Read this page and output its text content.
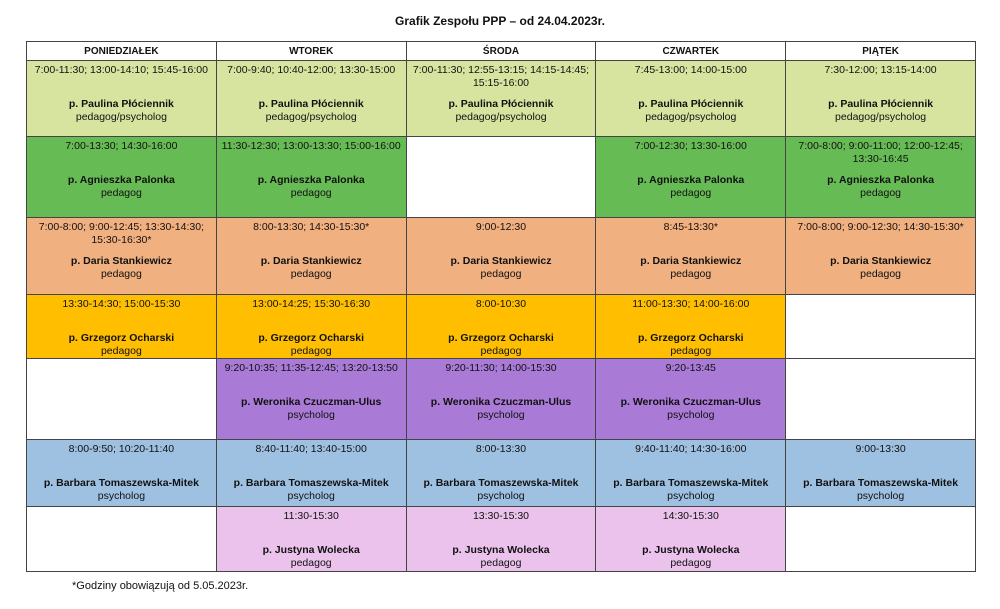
Grafik Zespołu PPP – od 24.04.2023r.
PONIEDZIAŁEK	WTOREK	ŚRODA	CZWARTEK	PIĄTEK

7:00-11:30; 13:00-14:10; 15:45-16:00
p. Paulina Płóciennik
pedagog/psycholog	7:00-9:40; 10:40-12:00; 13:30-15:00
p. Paulina Płóciennik
pedagog/psycholog	7:00-11:30; 12:55-13:15; 14:15-14:45; 15:15-16:00
p. Paulina Płóciennik
pedagog/psycholog	7:45-13:00; 14:00-15:00
p. Paulina Płóciennik
pedagog/psycholog	7:30-12:00; 13:15-14:00
p. Paulina Płóciennik
pedagog/psycholog

7:00-13:30; 14:30-16:00
p. Agnieszka Palonka
pedagog	11:30-12:30; 13:00-13:30; 15:00-16:00
p. Agnieszka Palonka
pedagog		7:00-12:30; 13:30-16:00
p. Agnieszka Palonka
pedagog	7:00-8:00; 9:00-11:00; 12:00-12:45; 13:30-16:45
p. Agnieszka Palonka
pedagog

7:00-8:00; 9:00-12:45; 13:30-14:30; 15:30-16:30*
p. Daria Stankiewicz
pedagog	8:00-13:30; 14:30-15:30*
p. Daria Stankiewicz
pedagog	9:00-12:30
p. Daria Stankiewicz
pedagog	8:45-13:30*
p. Daria Stankiewicz
pedagog	7:00-8:00; 9:00-12:30; 14:30-15:30*
p. Daria Stankiewicz
pedagog

13:30-14:30; 15:00-15:30
p. Grzegorz Ocharski
pedagog	13:00-14:25; 15:30-16:30
p. Grzegorz Ocharski
pedagog	8:00-10:30
p. Grzegorz Ocharski
pedagog	11:00-13:30; 14:00-16:00
p. Grzegorz Ocharski
pedagog	

	9:20-10:35; 11:35-12:45; 13:20-13:50
p. Weronika Czuczman-Ulus
psycholog	9:20-11:30; 14:00-15:30
p. Weronika Czuczman-Ulus
psycholog	9:20-13:45
p. Weronika Czuczman-Ulus
psycholog	

8:00-9:50; 10:20-11:40
p. Barbara Tomaszewska-Mitek
psycholog	8:40-11:40; 13:40-15:00
p. Barbara Tomaszewska-Mitek
psycholog	8:00-13:30
p. Barbara Tomaszewska-Mitek
psycholog	9:40-11:40; 14:30-16:00
p. Barbara Tomaszewska-Mitek
psycholog	9:00-13:30
p. Barbara Tomaszewska-Mitek
psycholog

	11:30-15:30
p. Justyna Wolecka
pedagog	13:30-15:30
p. Justyna Wolecka
pedagog	14:30-15:30
p. Justyna Wolecka
pedagog	

*Godziny obowiązują od 5.05.2023r.
